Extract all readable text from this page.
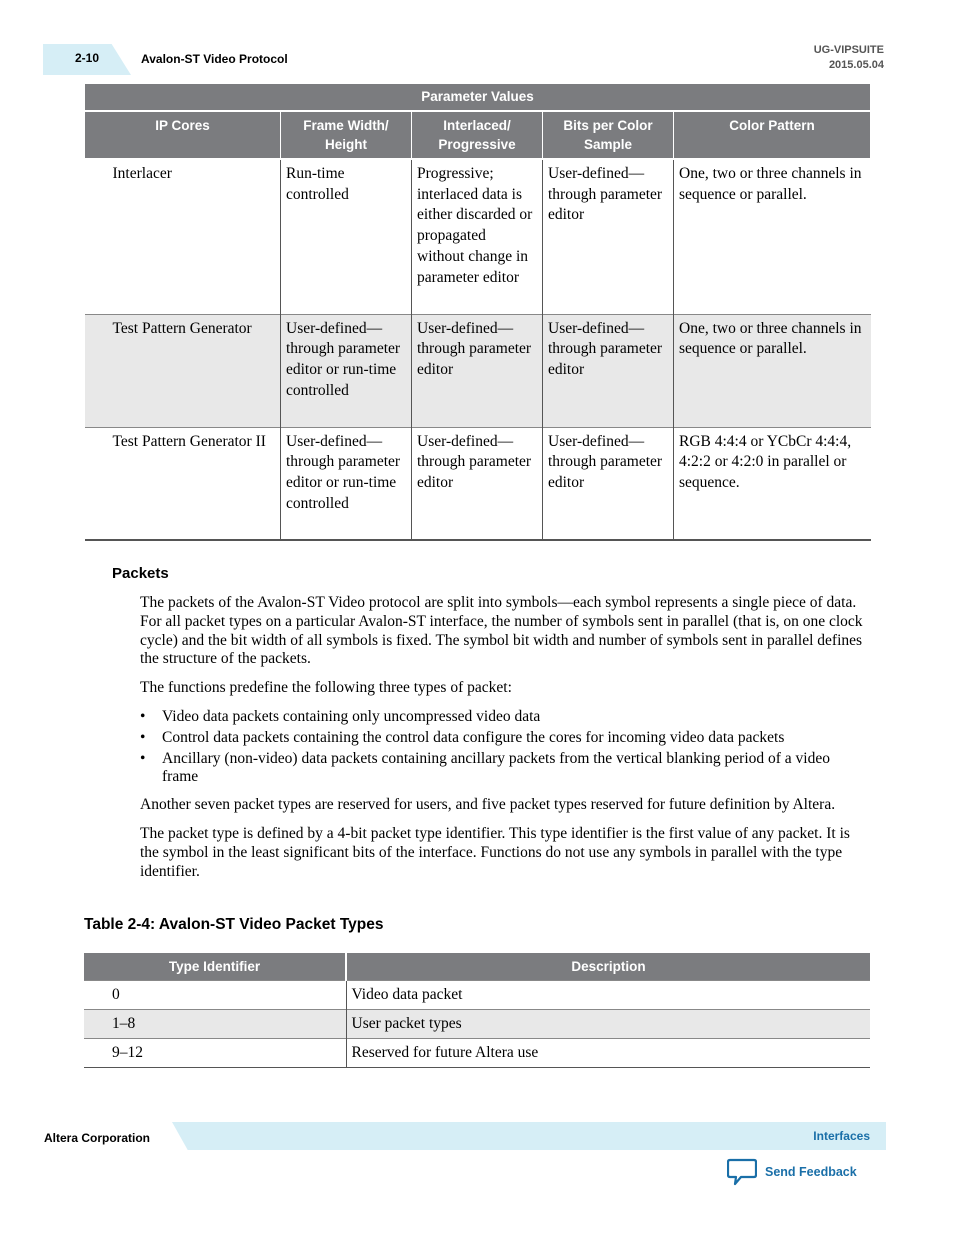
2-10	Avalon-ST Video Protocol
UG-VIPSUITE
2015.05.04
Parameter Values				
IP Cores	Frame Width/ Height	Interlaced/ Progressive	Bits per Color Sample	Color Pattern
Interlacer	Run-time controlled	Progressive; interlaced data is either discarded or propagated without change in parameter editor	User-defined—through parameter editor	One, two or three channels in sequence or parallel.
Test Pattern Generator	User-defined—through parameter editor or run-time controlled	User-defined—through parameter editor	User-defined—through parameter editor	One, two or three channels in sequence or parallel.
Test Pattern Generator II	User-defined—through parameter editor or run-time controlled	User-defined—through parameter editor	User-defined—through parameter editor	RGB 4:4:4 or YCbCr 4:4:4, 4:2:2 or 4:2:0 in parallel or sequence.
Packets

The packets of the Avalon-ST Video protocol are split into symbols—each symbol represents a single piece of data. For all packet types on a particular Avalon-ST interface, the number of symbols sent in parallel (that is, on one clock cycle) and the bit width of all symbols is fixed. The symbol bit width and number of symbols sent in parallel defines the structure of the packets.

The functions predefine the following three types of packet:

• Video data packets containing only uncompressed video data
• Control data packets containing the control data configure the cores for incoming video data packets
• Ancillary (non-video) data packets containing ancillary packets from the vertical blanking period of a video frame

Another seven packet types are reserved for users, and five packet types reserved for future definition by Altera.

The packet type is defined by a 4-bit packet type identifier. This type identifier is the first value of any packet. It is the symbol in the least significant bits of the interface. Functions do not use any symbols in parallel with the type identifier.

Table 2-4: Avalon-ST Video Packet Types
Type Identifier	Description
0	Video data packet
1–8	User packet types
9–12	Reserved for future Altera use
Altera Corporation	Interfaces
Send Feedback
